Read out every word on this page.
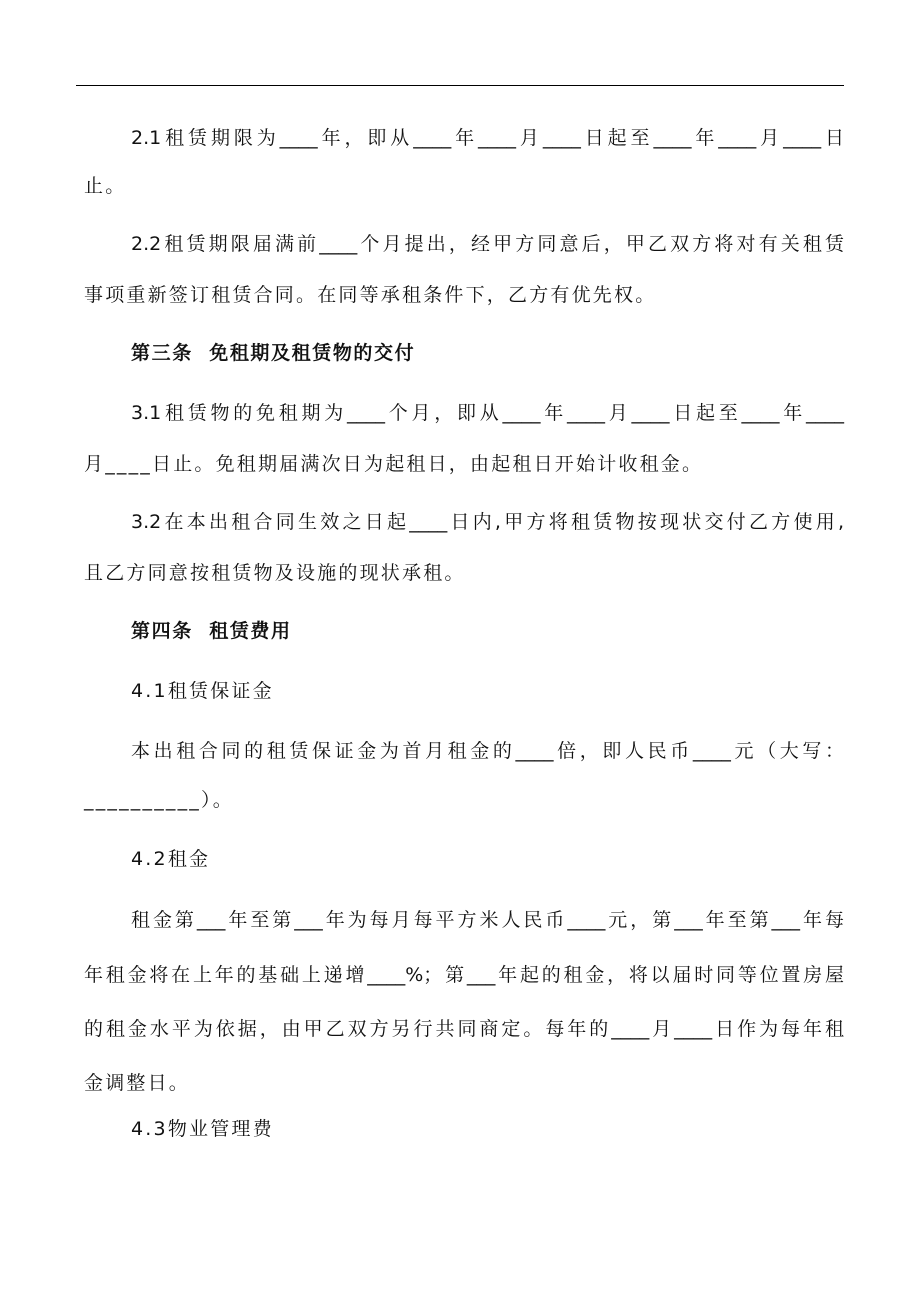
2.1租赁期限为____年，即从____年____月____日起至____年____月____日
止。
2.2租赁期限届满前____个月提出，经甲方同意后，甲乙双方将对有关租赁
事项重新签订租赁合同。在同等承租条件下，乙方有优先权。
第三条  免租期及租赁物的交付
3.1租赁物的免租期为____个月，即从____年____月____日起至____年____
月____日止。免租期届满次日为起租日，由起租日开始计收租金。
3.2在本出租合同生效之日起____日内,甲方将租赁物按现状交付乙方使用,
且乙方同意按租赁物及设施的现状承租。
第四条  租赁费用
4.1租赁保证金
本出租合同的租赁保证金为首月租金的____倍，即人民币____元（大写：
__________）。
4.2租金
租金第___年至第___年为每月每平方米人民币____元，第___年至第___年每
年租金将在上年的基础上递增____%；第___年起的租金，将以届时同等位置房屋
的租金水平为依据，由甲乙双方另行共同商定。每年的____月____日作为每年租
金调整日。
4.3物业管理费
